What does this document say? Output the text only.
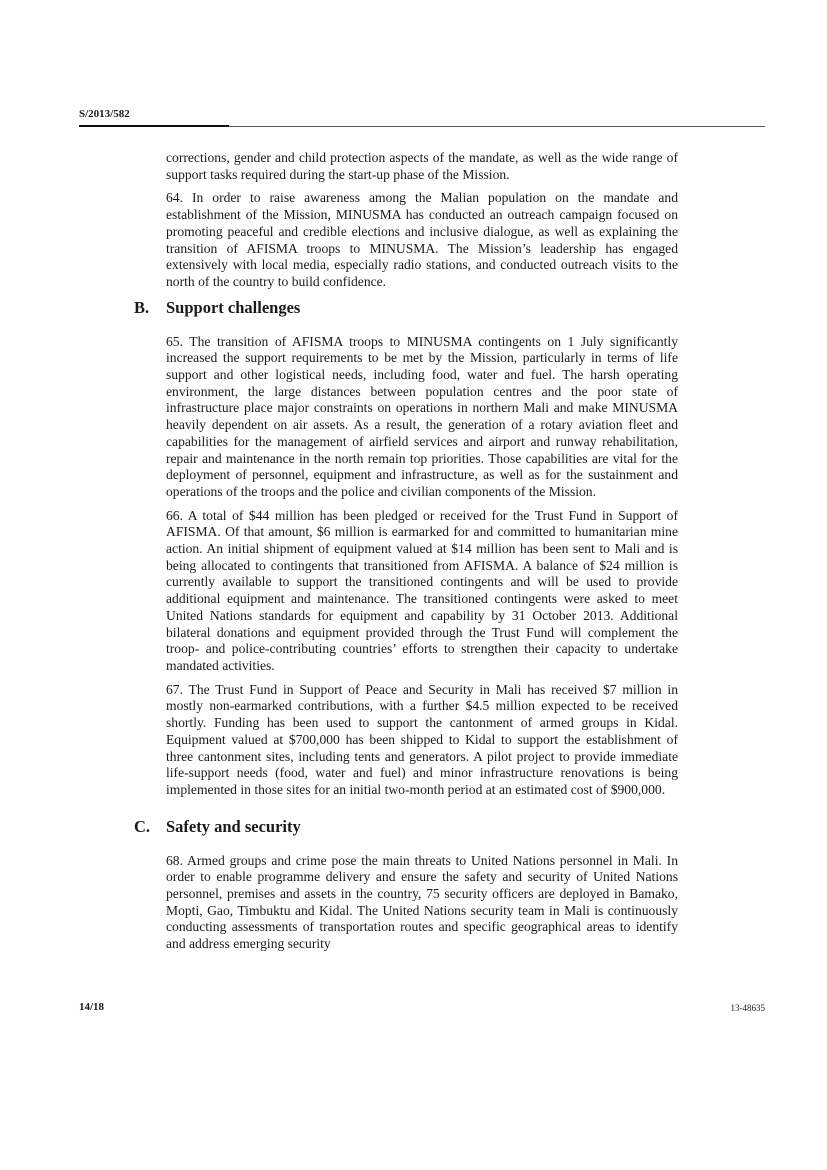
S/2013/582

corrections, gender and child protection aspects of the mandate, as well as the wide range of support tasks required during the start-up phase of the Mission.

64. In order to raise awareness among the Malian population on the mandate and establishment of the Mission, MINUSMA has conducted an outreach campaign focused on promoting peaceful and credible elections and inclusive dialogue, as well as explaining the transition of AFISMA troops to MINUSMA. The Mission’s leadership has engaged extensively with local media, especially radio stations, and conducted outreach visits to the north of the country to build confidence.

B. Support challenges

65. The transition of AFISMA troops to MINUSMA contingents on 1 July significantly increased the support requirements to be met by the Mission, particularly in terms of life support and other logistical needs, including food, water and fuel. The harsh operating environment, the large distances between population centres and the poor state of infrastructure place major constraints on operations in northern Mali and make MINUSMA heavily dependent on air assets. As a result, the generation of a rotary aviation fleet and capabilities for the management of airfield services and airport and runway rehabilitation, repair and maintenance in the north remain top priorities. Those capabilities are vital for the deployment of personnel, equipment and infrastructure, as well as for the sustainment and operations of the troops and the police and civilian components of the Mission.

66. A total of $44 million has been pledged or received for the Trust Fund in Support of AFISMA. Of that amount, $6 million is earmarked for and committed to humanitarian mine action. An initial shipment of equipment valued at $14 million has been sent to Mali and is being allocated to contingents that transitioned from AFISMA. A balance of $24 million is currently available to support the transitioned contingents and will be used to provide additional equipment and maintenance. The transitioned contingents were asked to meet United Nations standards for equipment and capability by 31 October 2013. Additional bilateral donations and equipment provided through the Trust Fund will complement the troop- and police-contributing countries’ efforts to strengthen their capacity to undertake mandated activities.

67. The Trust Fund in Support of Peace and Security in Mali has received $7 million in mostly non-earmarked contributions, with a further $4.5 million expected to be received shortly. Funding has been used to support the cantonment of armed groups in Kidal. Equipment valued at $700,000 has been shipped to Kidal to support the establishment of three cantonment sites, including tents and generators. A pilot project to provide immediate life-support needs (food, water and fuel) and minor infrastructure renovations is being implemented in those sites for an initial two-month period at an estimated cost of $900,000.

C. Safety and security

68. Armed groups and crime pose the main threats to United Nations personnel in Mali. In order to enable programme delivery and ensure the safety and security of United Nations personnel, premises and assets in the country, 75 security officers are deployed in Bamako, Mopti, Gao, Timbuktu and Kidal. The United Nations security team in Mali is continuously conducting assessments of transportation routes and specific geographical areas to identify and address emerging security

14/18	13-48635
